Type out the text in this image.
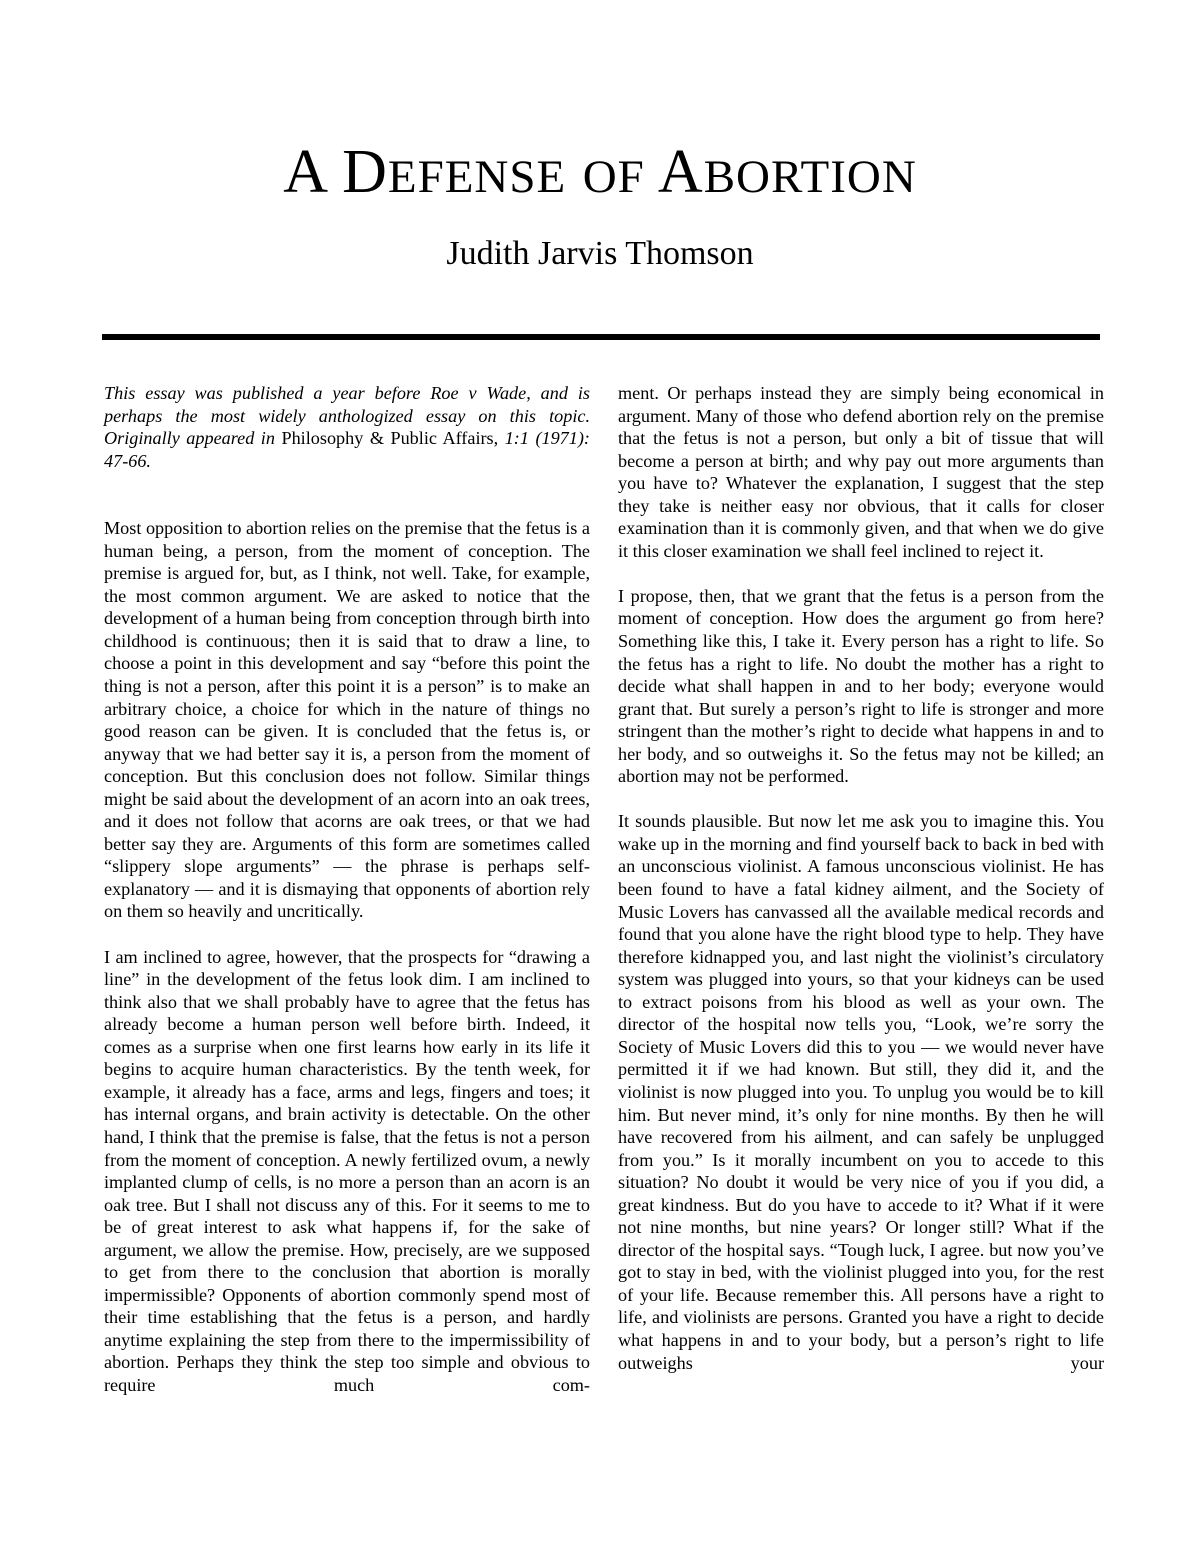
A DEFENSE OF ABORTION
Judith Jarvis Thomson

This essay was published a year before Roe v Wade, and is perhaps the most widely anthologized essay on this topic. Originally appeared in Philosophy & Public Affairs, 1:1 (1971): 47-66.

Most opposition to abortion relies on the premise that the fetus is a human being, a person, from the moment of conception. The premise is argued for, but, as I think, not well. Take, for example, the most common argument. We are asked to notice that the development of a human being from conception through birth into childhood is continuous; then it is said that to draw a line, to choose a point in this development and say “before this point the thing is not a person, after this point it is a person” is to make an arbitrary choice, a choice for which in the nature of things no good reason can be given. It is concluded that the fetus is, or anyway that we had better say it is, a person from the moment of conception. But this conclusion does not follow. Similar things might be said about the development of an acorn into an oak trees, and it does not follow that acorns are oak trees, or that we had better say they are. Arguments of this form are sometimes called “slippery slope arguments” — the phrase is perhaps self-explanatory — and it is dismaying that opponents of abortion rely on them so heavily and uncritically.

I am inclined to agree, however, that the prospects for “drawing a line” in the development of the fetus look dim. I am inclined to think also that we shall probably have to agree that the fetus has already become a human person well before birth. Indeed, it comes as a surprise when one first learns how early in its life it begins to acquire human characteristics. By the tenth week, for example, it already has a face, arms and legs, fingers and toes; it has internal organs, and brain activity is detectable. On the other hand, I think that the premise is false, that the fetus is not a person from the moment of conception. A newly fertilized ovum, a newly implanted clump of cells, is no more a person than an acorn is an oak tree. But I shall not discuss any of this. For it seems to me to be of great interest to ask what happens if, for the sake of argument, we allow the premise. How, precisely, are we supposed to get from there to the conclusion that abortion is morally impermissible? Opponents of abortion commonly spend most of their time establishing that the fetus is a person, and hardly anytime explaining the step from there to the impermissibility of abortion. Perhaps they think the step too simple and obvious to require much com-

ment. Or perhaps instead they are simply being economical in argument. Many of those who defend abortion rely on the premise that the fetus is not a person, but only a bit of tissue that will become a person at birth; and why pay out more arguments than you have to? Whatever the explanation, I suggest that the step they take is neither easy nor obvious, that it calls for closer examination than it is commonly given, and that when we do give it this closer examination we shall feel inclined to reject it.

I propose, then, that we grant that the fetus is a person from the moment of conception. How does the argument go from here? Something like this, I take it. Every person has a right to life. So the fetus has a right to life. No doubt the mother has a right to decide what shall happen in and to her body; everyone would grant that. But surely a person’s right to life is stronger and more stringent than the mother’s right to decide what happens in and to her body, and so outweighs it. So the fetus may not be killed; an abortion may not be performed.

It sounds plausible. But now let me ask you to imagine this. You wake up in the morning and find yourself back to back in bed with an unconscious violinist. A famous unconscious violinist. He has been found to have a fatal kidney ailment, and the Society of Music Lovers has canvassed all the available medical records and found that you alone have the right blood type to help. They have therefore kidnapped you, and last night the violinist’s circulatory system was plugged into yours, so that your kidneys can be used to extract poisons from his blood as well as your own. The director of the hospital now tells you, “Look, we’re sorry the Society of Music Lovers did this to you — we would never have permitted it if we had known. But still, they did it, and the violinist is now plugged into you. To unplug you would be to kill him. But never mind, it’s only for nine months. By then he will have recovered from his ailment, and can safely be unplugged from you.” Is it morally incumbent on you to accede to this situation? No doubt it would be very nice of you if you did, a great kindness. But do you have to accede to it? What if it were not nine months, but nine years? Or longer still? What if the director of the hospital says. “Tough luck, I agree. but now you’ve got to stay in bed, with the violinist plugged into you, for the rest of your life. Because remember this. All persons have a right to life, and violinists are persons. Granted you have a right to decide what happens in and to your body, but a person’s right to life outweighs your
